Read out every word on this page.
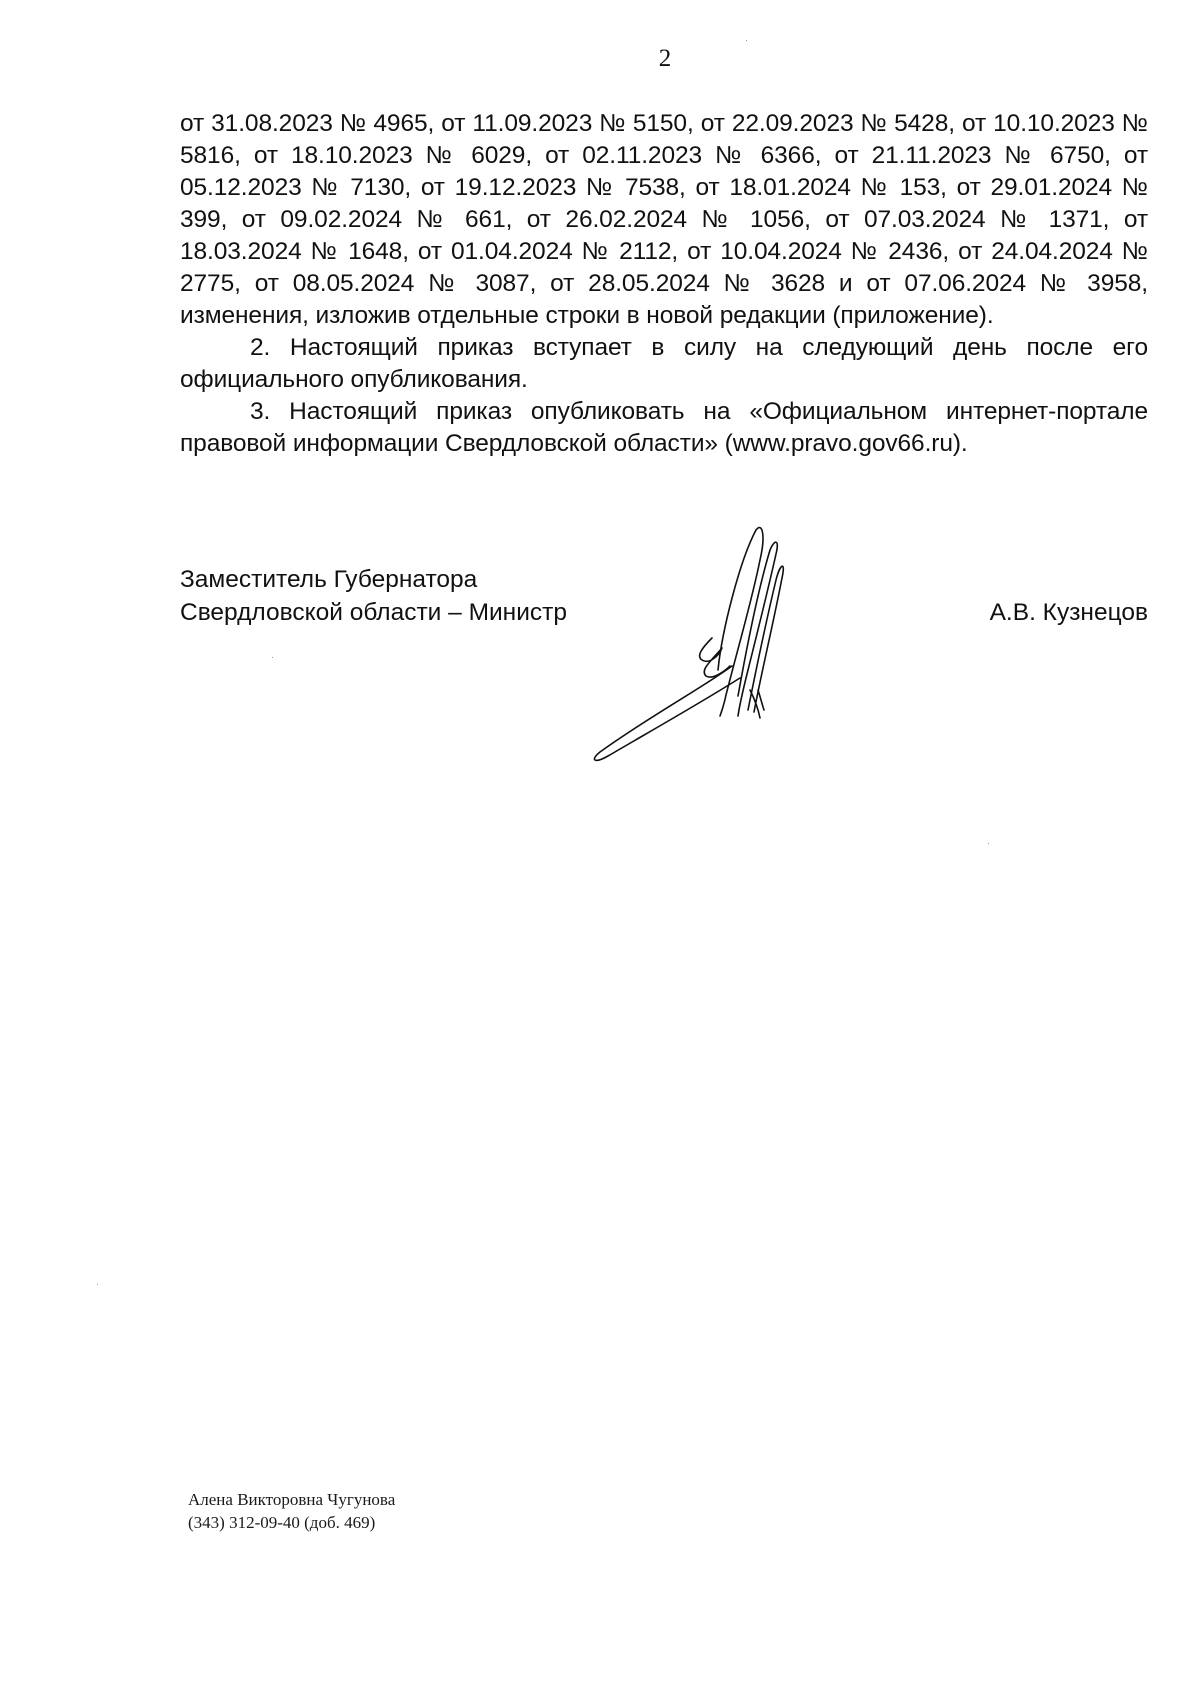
2

от 31.08.2023 № 4965, от 11.09.2023 № 5150, от 22.09.2023 № 5428, от 10.10.2023 № 5816, от 18.10.2023 № 6029, от 02.11.2023 № 6366, от 21.11.2023 № 6750, от 05.12.2023 № 7130, от 19.12.2023 № 7538, от 18.01.2024 № 153, от 29.01.2024 № 399, от 09.02.2024 № 661, от 26.02.2024 № 1056, от 07.03.2024 № 1371, от 18.03.2024 № 1648, от 01.04.2024 № 2112, от 10.04.2024 № 2436, от 24.04.2024 № 2775, от 08.05.2024 № 3087, от 28.05.2024 № 3628 и от 07.06.2024 № 3958, изменения, изложив отдельные строки в новой редакции (приложение).

2. Настоящий приказ вступает в силу на следующий день после его официального опубликования.

3. Настоящий приказ опубликовать на «Официальном интернет-портале правовой информации Свердловской области» (www.pravo.gov66.ru).

Заместитель Губернатора
Свердловской области – Министр	А.В. Кузнецов
Алена Викторовна Чугунова
(343) 312-09-40 (доб. 469)
